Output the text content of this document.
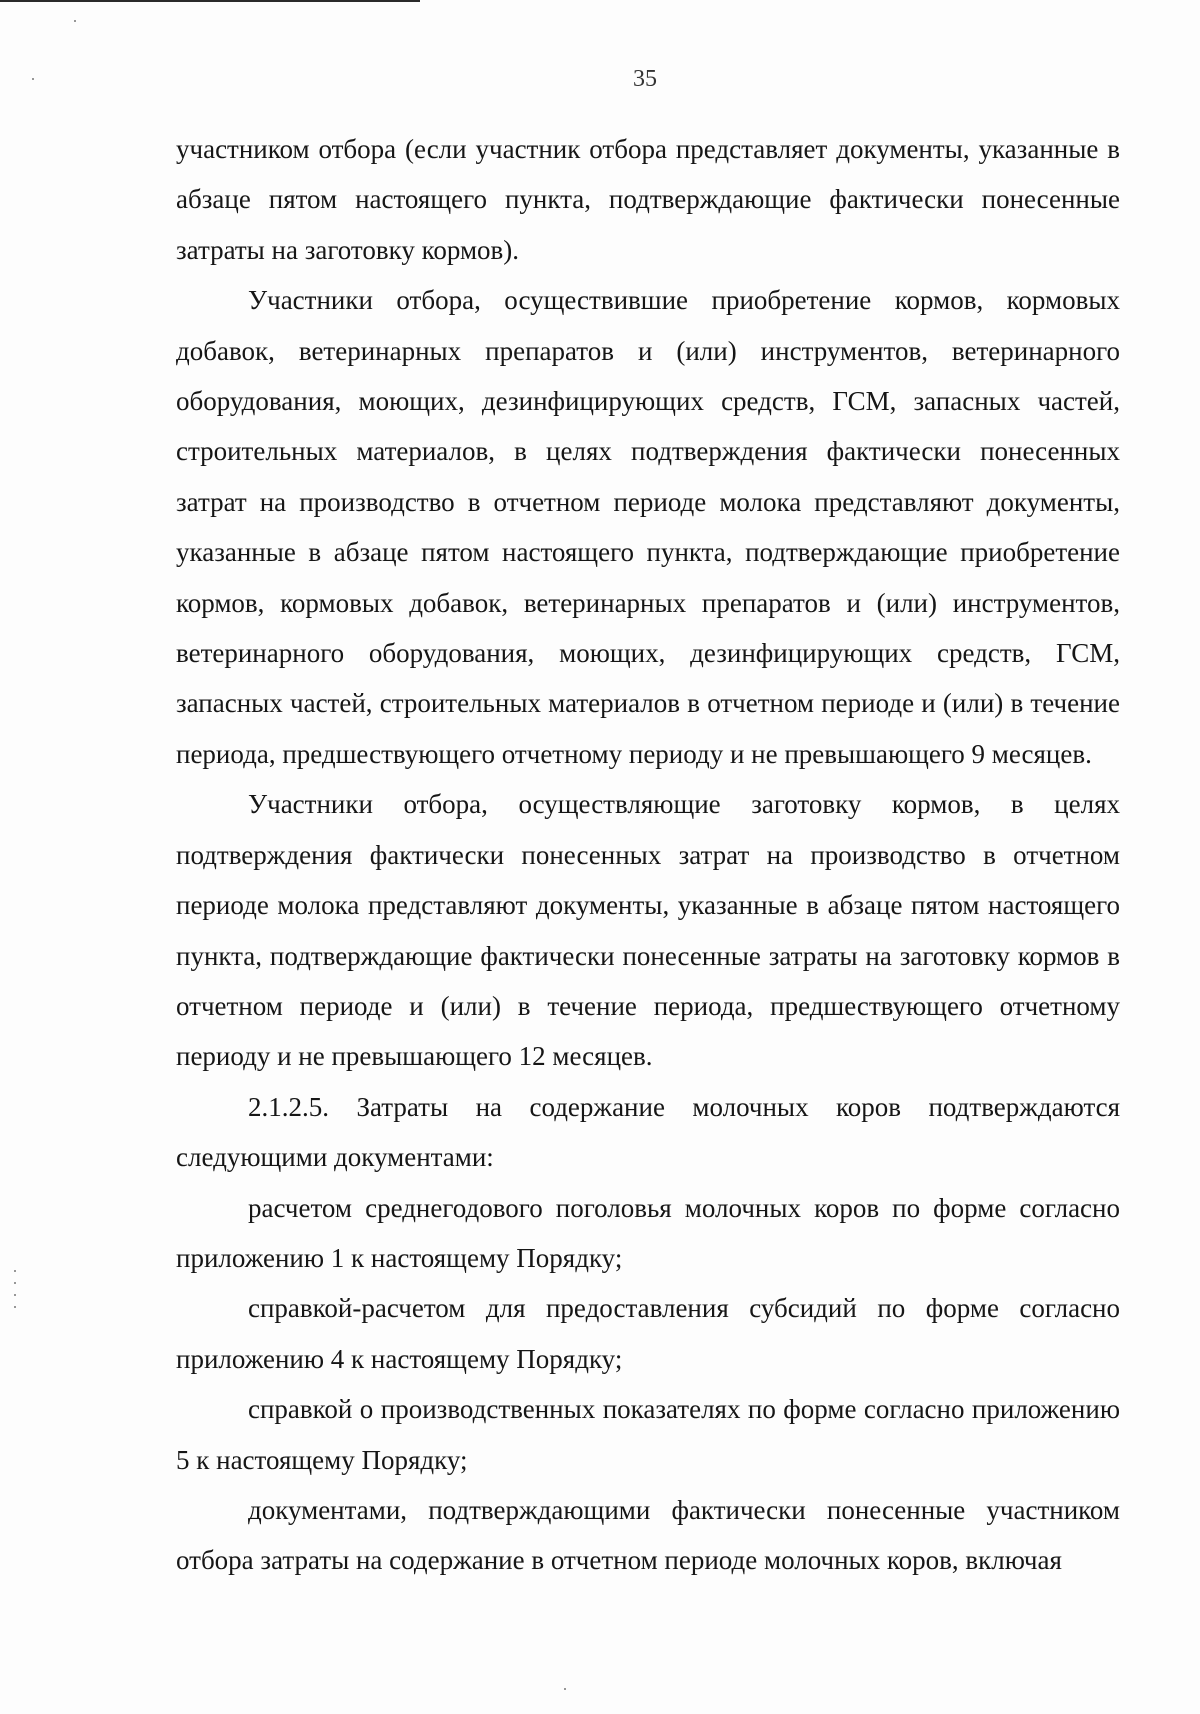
35

участником отбора (если участник отбора представляет документы, указанные в абзаце пятом настоящего пункта, подтверждающие фактически понесенные затраты на заготовку кормов).

Участники отбора, осуществившие приобретение кормов, кормовых добавок, ветеринарных препаратов и (или) инструментов, ветеринарного оборудования, моющих, дезинфицирующих средств, ГСМ, запасных частей, строительных материалов, в целях подтверждения фактически понесенных затрат на производство в отчетном периоде молока представляют документы, указанные в абзаце пятом настоящего пункта, подтверждающие приобретение кормов, кормовых добавок, ветеринарных препаратов и (или) инструментов, ветеринарного оборудования, моющих, дезинфицирующих средств, ГСМ, запасных частей, строительных материалов в отчетном периоде и (или) в течение периода, предшествующего отчетному периоду и не превышающего 9 месяцев.

Участники отбора, осуществляющие заготовку кормов, в целях подтверждения фактически понесенных затрат на производство в отчетном периоде молока представляют документы, указанные в абзаце пятом настоящего пункта, подтверждающие фактически понесенные затраты на заготовку кормов в отчетном периоде и (или) в течение периода, предшествующего отчетному периоду и не превышающего 12 месяцев.

2.1.2.5. Затраты на содержание молочных коров подтверждаются следующими документами:

расчетом среднегодового поголовья молочных коров по форме согласно приложению 1 к настоящему Порядку;

справкой-расчетом для предоставления субсидий по форме согласно приложению 4 к настоящему Порядку;

справкой о производственных показателях по форме согласно приложению 5 к настоящему Порядку;

документами, подтверждающими фактически понесенные участником отбора затраты на содержание в отчетном периоде молочных коров, включая
